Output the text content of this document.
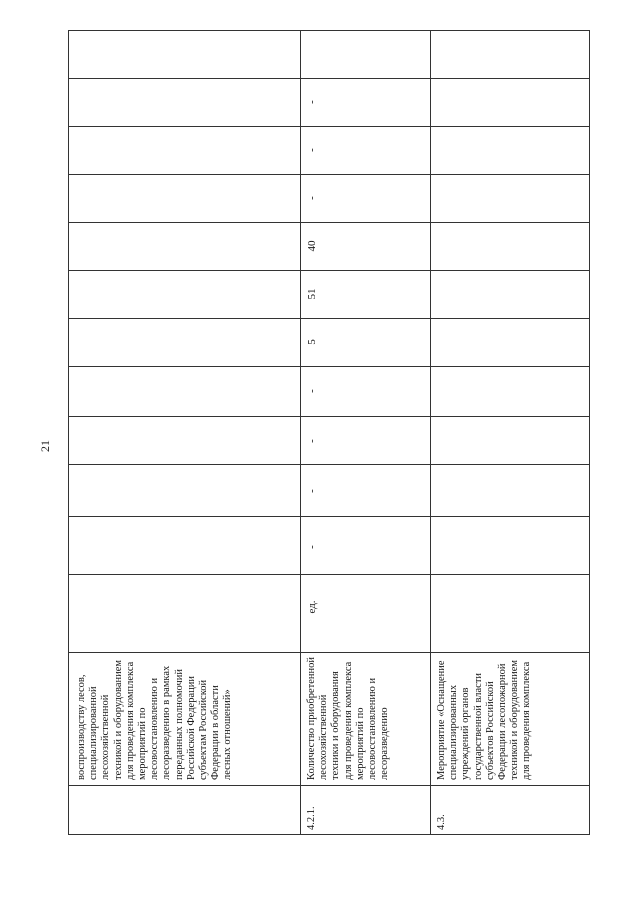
21
воспроизводству лесов, специализированной лесохозяйственной техникой и оборудованием для проведения комплекса мероприятий по лесовосстановлению и лесоразведению в рамках переданных полномочий Российской Федерации субъектам Российской Федерации в области лесных отношений»
4.2.1.
Количество приобретенной лесохозяйственной техники и оборудования для проведения комплекса мероприятий по лесовосстановлению и лесоразведению
ед.
-
-
-
-
5
51
40
-
-
-
4.3.
Мероприятие «Оснащение специализированных учреждений органов государственной власти субъектов Российской Федерации лесопожарной техникой и оборудованием для проведения комплекса
